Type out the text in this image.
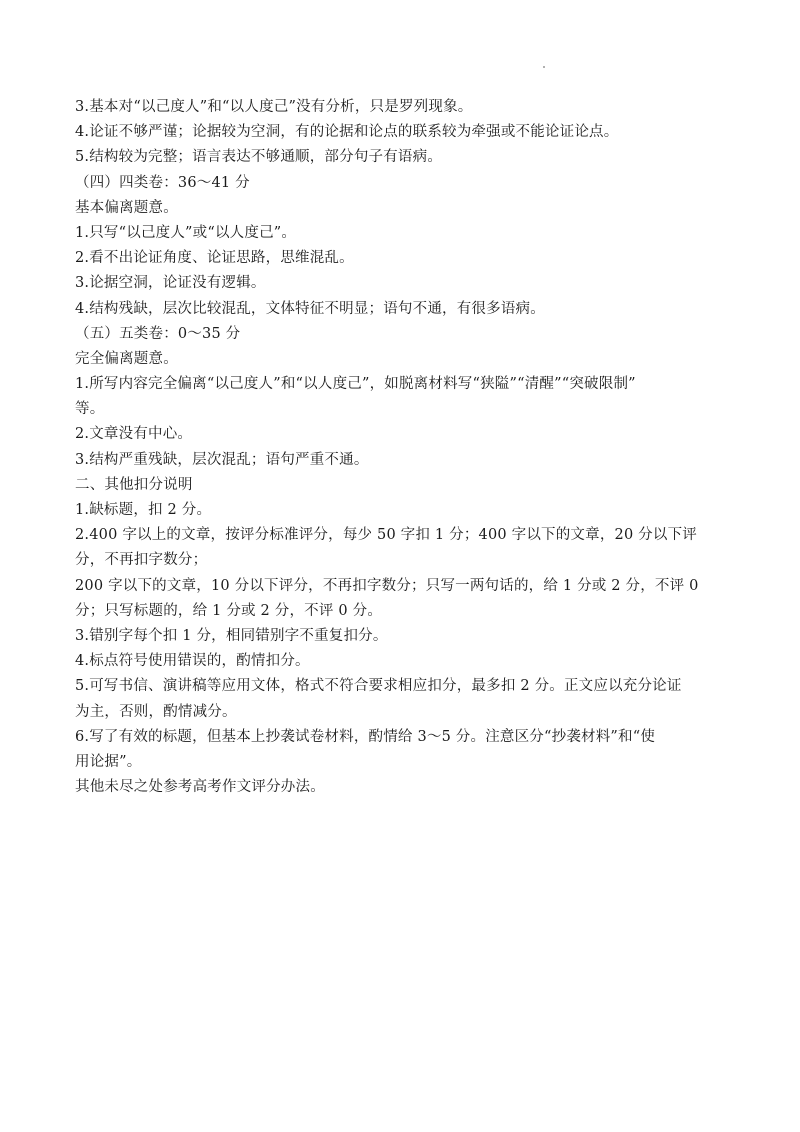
3.基本对“以己度人”和“以人度己”没有分析，只是罗列现象。
4.论证不够严谨；论据较为空洞，有的论据和论点的联系较为牵强或不能论证论点。
5.结构较为完整；语言表达不够通顺，部分句子有语病。
（四）四类卷：36～41 分
基本偏离题意。
1.只写“以己度人”或“以人度己”。
2.看不出论证角度、论证思路，思维混乱。
3.论据空洞，论证没有逻辑。
4.结构残缺，层次比较混乱，文体特征不明显；语句不通，有很多语病。
（五）五类卷：0～35 分
完全偏离题意。
1.所写内容完全偏离“以己度人”和“以人度己”，如脱离材料写“狭隘”“清醒”“突破限制”
等。
2.文章没有中心。
3.结构严重残缺，层次混乱；语句严重不通。
二、其他扣分说明
1.缺标题，扣 2 分。
2.400 字以上的文章，按评分标准评分，每少 50 字扣 1 分；400 字以下的文章，20 分以下评
分，不再扣字数分；
200 字以下的文章，10 分以下评分，不再扣字数分；只写一两句话的，给 1 分或 2 分，不评 0
分；只写标题的，给 1 分或 2 分，不评 0 分。
3.错别字每个扣 1 分，相同错别字不重复扣分。
4.标点符号使用错误的，酌情扣分。
5.可写书信、演讲稿等应用文体，格式不符合要求相应扣分，最多扣 2 分。正文应以充分论证
为主，否则，酌情减分。
6.写了有效的标题，但基本上抄袭试卷材料，酌情给 3～5 分。注意区分“抄袭材料”和“使
用论据”。
其他未尽之处参考高考作文评分办法。
